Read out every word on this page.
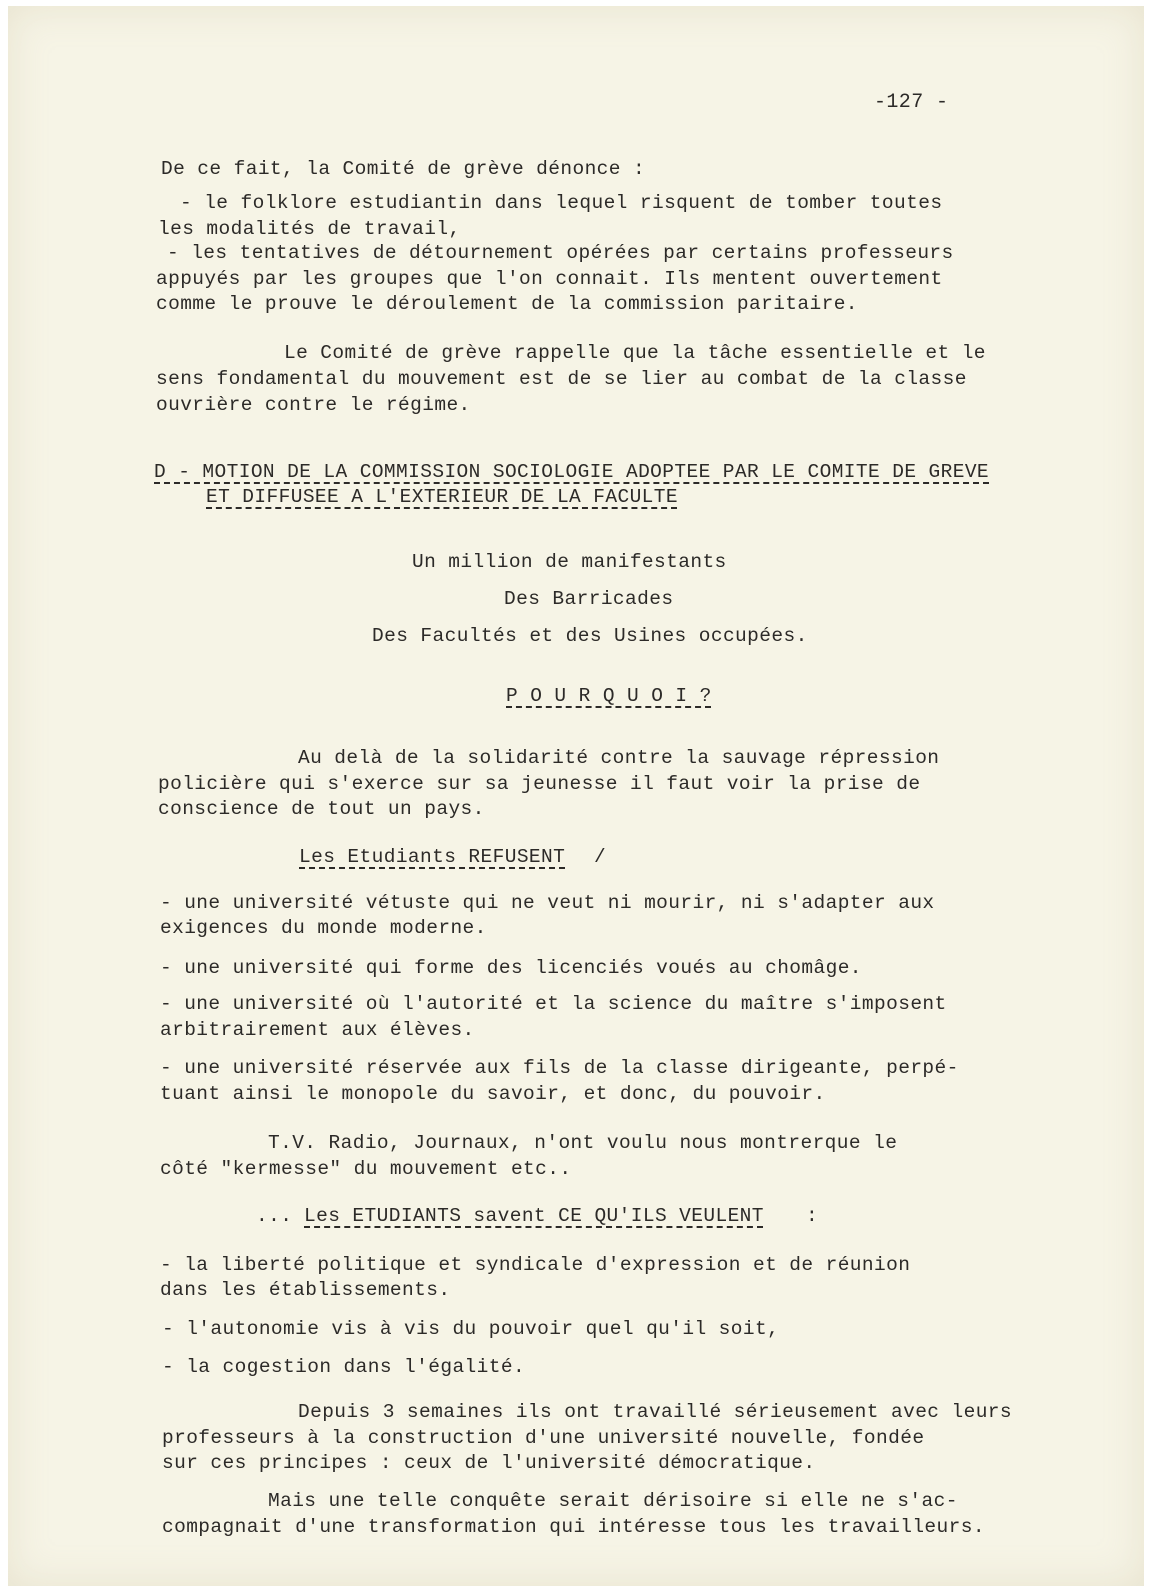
-127 -
De ce fait, la Comité de grève dénonce :
- le folklore estudiantin dans lequel risquent de tomber toutes
les modalités de travail,
- les tentatives de détournement opérées par certains professeurs
appuyés par les groupes que l'on connait. Ils mentent ouvertement
comme le prouve le déroulement de la commission paritaire.
Le Comité de grève rappelle que la tâche essentielle et le
sens fondamental du mouvement est de se lier au combat de la classe
ouvrière contre le régime.
D - MOTION DE LA COMMISSION SOCIOLOGIE ADOPTEE PAR LE COMITE DE GREVE
ET DIFFUSEE A L'EXTERIEUR DE LA FACULTE
Un million de manifestants
Des Barricades
Des Facultés et des Usines occupées.
P O U R Q U O I ?
Au delà de la solidarité contre la sauvage répression
policière qui s'exerce sur sa jeunesse il faut voir la prise de
conscience de tout un pays.
Les Etudiants REFUSENT /
- une université vétuste qui ne veut ni mourir, ni s'adapter aux
exigences du monde moderne.
- une université qui forme des licenciés voués au chomâge.
- une université où l'autorité et la science du maître s'imposent
arbitrairement aux élèves.
- une université réservée aux fils de la classe dirigeante, perpé-
tuant ainsi le monopole du savoir, et donc, du pouvoir.
T.V. Radio, Journaux, n'ont voulu nous montrerque le
côté "kermesse" du mouvement etc..
... Les ETUDIANTS savent CE QU'ILS VEULENT :
- la liberté politique et syndicale d'expression et de réunion
dans les établissements.
- l'autonomie vis à vis du pouvoir quel qu'il soit,
- la cogestion dans l'égalité.
Depuis 3 semaines ils ont travaillé sérieusement avec leurs
professeurs à la construction d'une université nouvelle, fondée
sur ces principes : ceux de l'université démocratique.
Mais une telle conquête serait dérisoire si elle ne s'ac-
compagnait d'une transformation qui intéresse tous les travailleurs.
